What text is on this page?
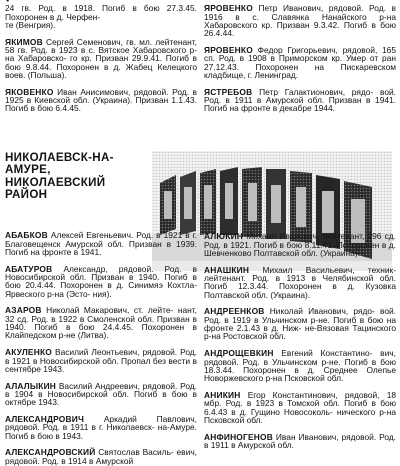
24 гв. Род. в 1918. Погиб в бою 27.3.45. Похоронен в д. Черфен-
те (Венгрия).

ЯКИМОВ Сергей Семенович, гв. мл. лейтенант, 58 гв. Род. в 1923 в с. Вятское Хабаровского р-на Хабаровско- го кр. Призван 29.9.41. Погиб в бою 9.8.44. Похоронен в д. Жабец Келецкого воев. (Польша).

ЯКОВЕНКО Иван Анисимович, рядовой. Род. в 1925 в Киевской обл. (Украина). Призван 1.1.43. Погиб в бою 6.4.45.

ЯРОВЕНКО Петр Иванович, рядовой. Род. в 1916 в с. Славянка Нанайского р-на Хабаровского кр. Призван 9.3.42. Погиб в бою 26.4.44.

ЯРОВЕНКО Федор Григорьевич, рядовой, 165 сп. Род. в 1908 в Приморском кр. Умер от ран 27.12.43. Похоронен на Пискаревском кладбище, г. Ленинград.

ЯСТРЕБОВ Петр Галактионович, рядо- вой. Род. в 1911 в Амурской обл. Призван в 1941. Погиб на фронте в декабре 1944.

НИКОЛАЕВСК-НА-АМУРЕ,
НИКОЛАЕВСКИЙ РАЙОН

АБАБКОВ Алексей Евгеньевич. Род. в 1921 в г. Благовещенск Амурской обл. Призван в 1939. Погиб на фронте в 1941.

АБАТУРОВ Александр, рядовой. Род. в Новосибирской обл. Призван в 1940. Погиб в бою 20.4.44. Похоронен в д. Синимяэ Кохтла-Ярвеского р-на (Эсто- ния).

АЗАРОВ Николай Макарович, ст. лейте- нант, 32 сд. Род. в 1922 в Смоленской обл. Призван в 1940. Погиб в бою 24.4.45. Похоронен в Клайпедском р-не (Литва).

АКУЛЕНКО Василий Леонтьевич, рядовой. Род. в 1921 в Новосибирской обл. Пропал без вести в сентябре 1943.

АЛАЛЫКИН Василий Андреевич, рядовой. Род. в 1904 в Новосибирской обл. Погиб в бою в октябре 1943.

АЛЕКСАНДРОВИЧ Аркадий Павлович, рядовой. Род. в 1911 в г. Николаевск- на-Амуре. Погиб в бою в 1943.

АЛЕКСАНДРОВСКИЙ Святослав Василь- евич, рядовой. Род. в 1914 в Амурской

АЛЮКИН Михаил Иванович, лейтенант, 296 сд. Род. в 1921. Погиб в бою 8.11.41. Похоронен в д. Шевченково Полтавской обл. (Украина).

АНАШКИН Михаил Васильевич, техник- лейтенант. Род. в 1913 в Челябинской обл. Погиб 12.3.44. Похоронен в д. Кузовка Полтавской обл. (Украина).

АНДРЕЕНКОВ Николай Иванович, рядо- вой. Род. в 1919 в Ульчинском р-не. Погиб в бою на фронте 2.1.43 в д. Ниж- не-Вязовая Тацинского р-на Ростовской обл.

АНДРОЩЕВКИН Евгений Константино- вич, рядовой. Род. в Ульчинском р-не. Погиб в бою 18.3.44. Похоронен в д. Среднее Олепье Новоржевского р-на Псковской обл.

АНИКИН Егор Константинович, рядовой, 18 мбр. Род. в 1923 в Томской обл. Погиб в бою 6.4.43 в д. Гущино Новосоколь- нического р-на Псковской обл.

АНФИНОГЕНОВ Иван Иванович, рядовой. Род. в 1911 в Амурской обл.
